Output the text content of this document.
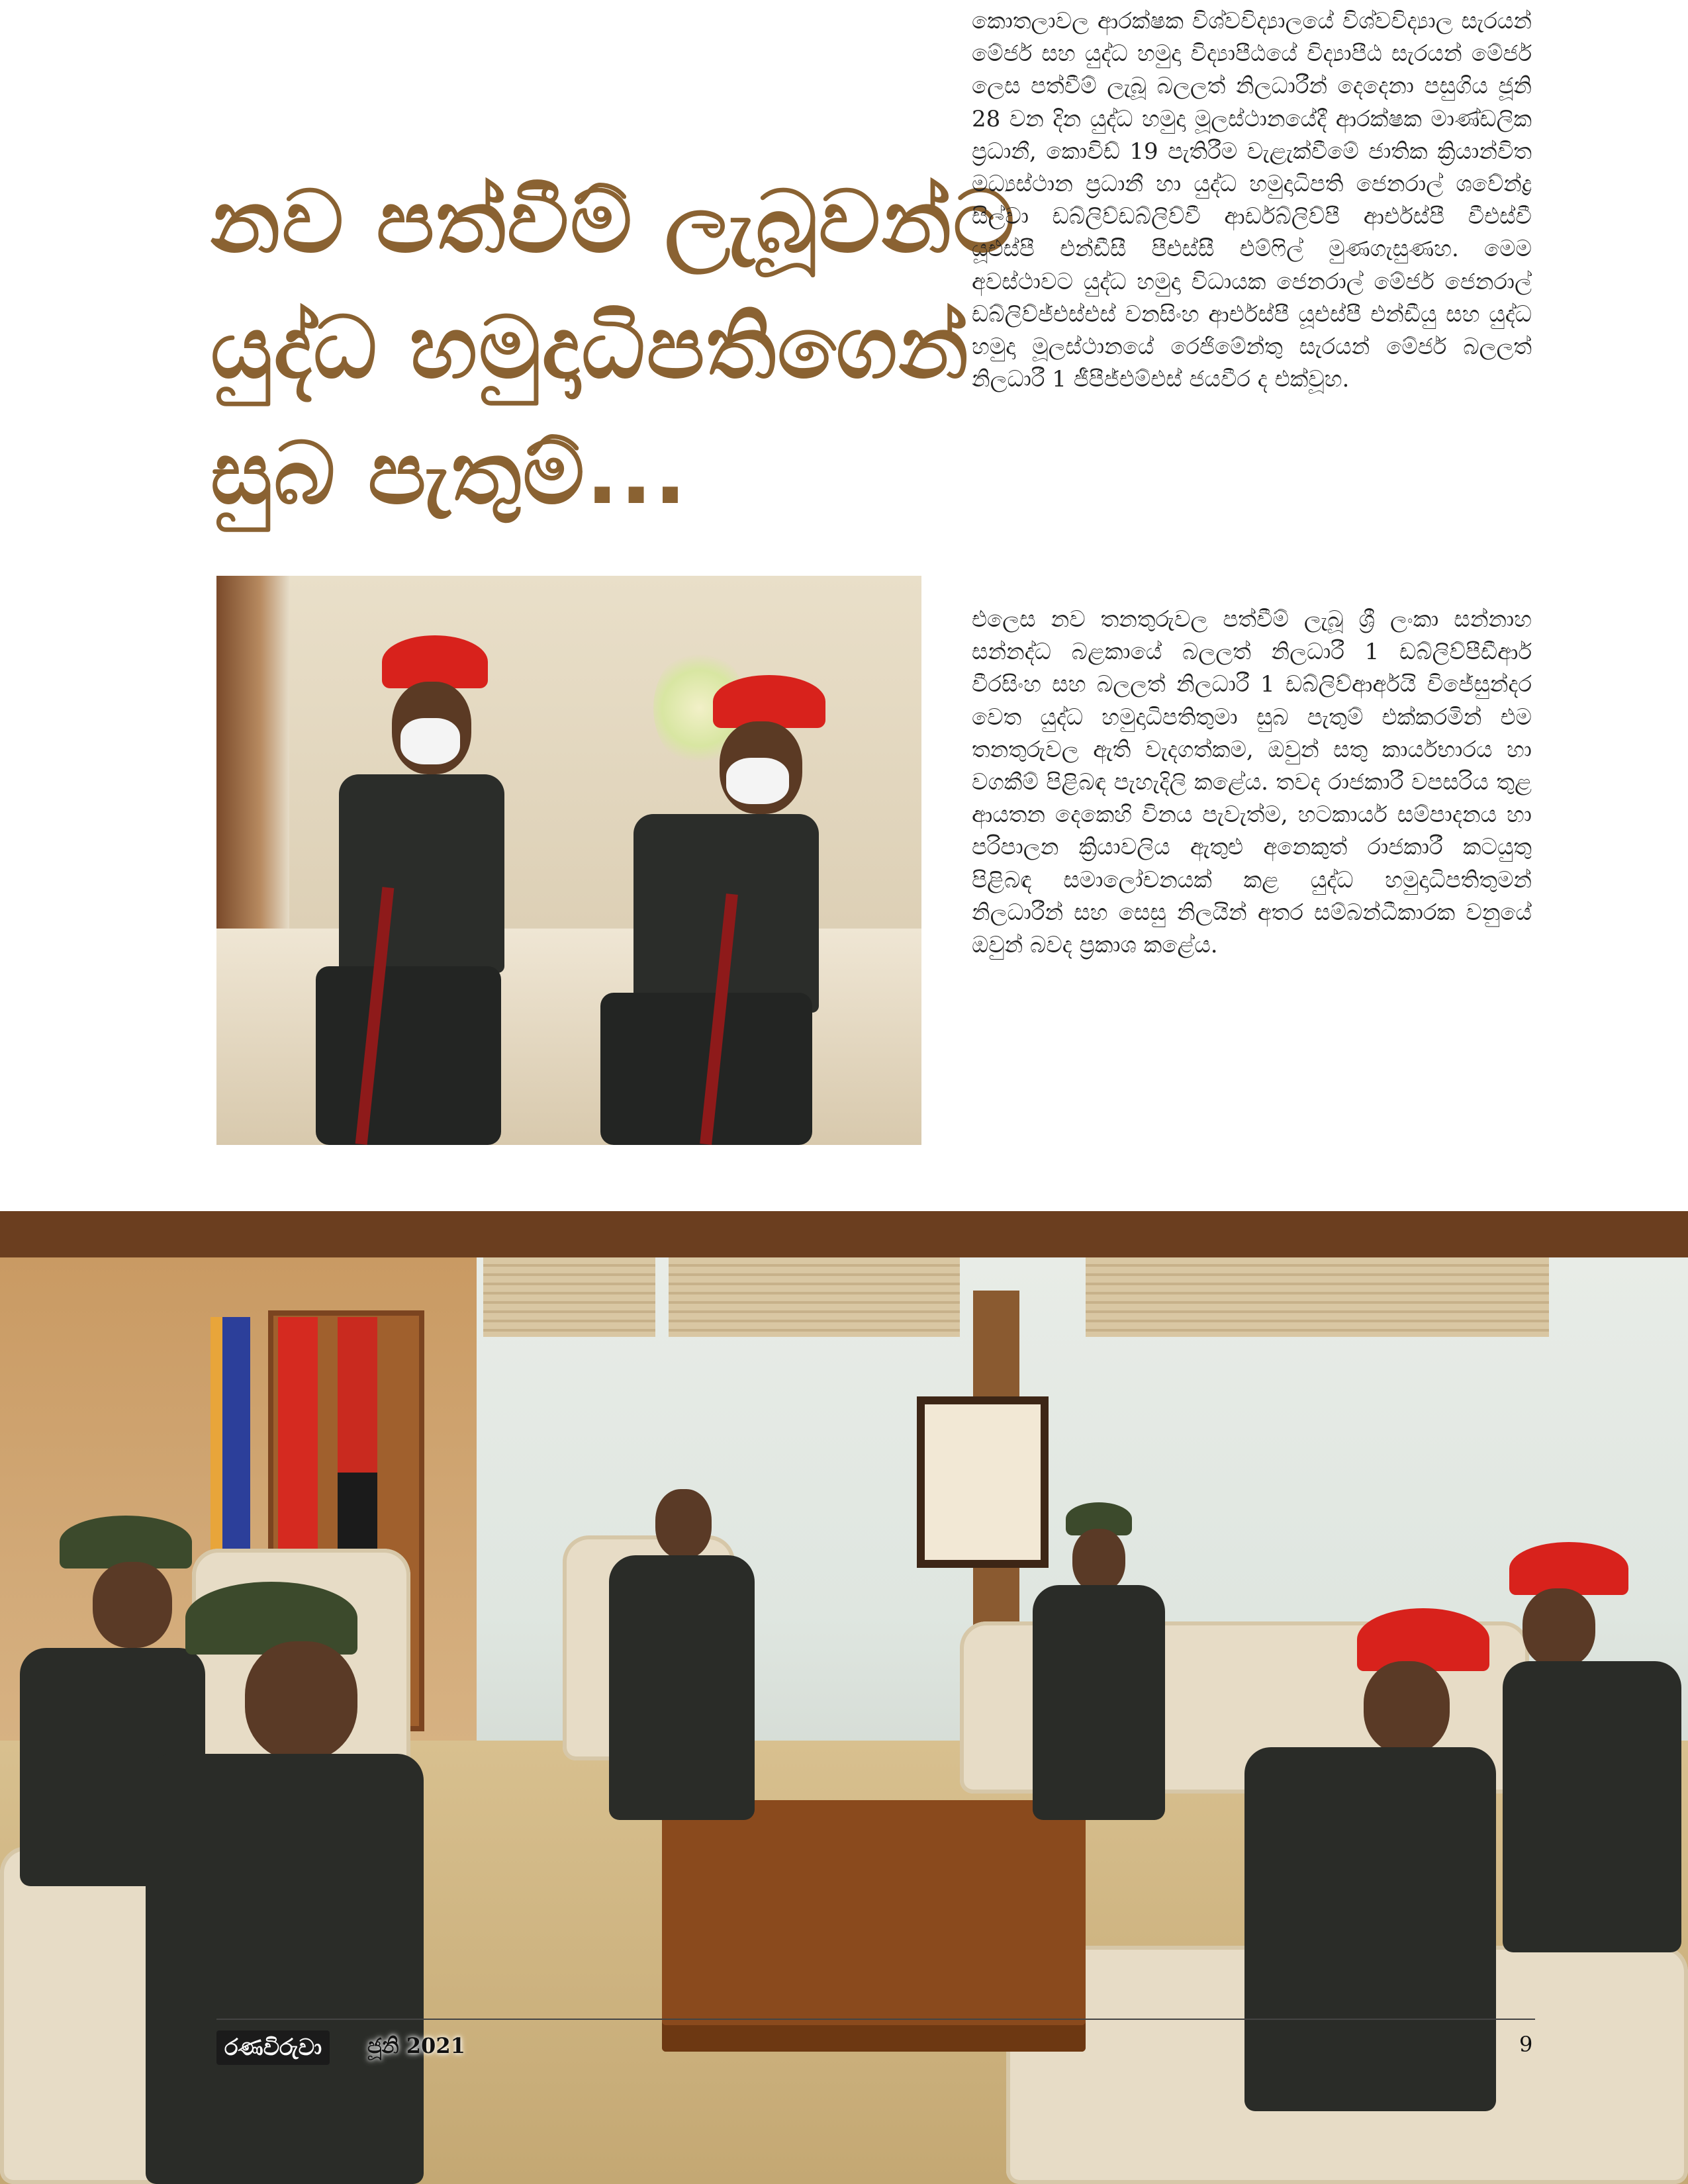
නව පත්වීම් ලැබූවන්ට
යුද්ධ හමුදාධිපතිගෙන්
සුබ පැතුම්...

කොතලාවල ආරක්ෂක විශ්වවිද්‍යාලයේ විශ්වවිද්‍යාල සැරයන් මේජර් සහ යුද්ධ හමුදා විද්‍යාපීඨයේ විද්‍යාපීඨ සැරයන් මේජර් ලෙස පත්වීම් ලැබූ බලලත් නිලධාරීන් දෙදෙනා පසුගිය ජූනි 28 වන දින යුද්ධ හමුදා මූලස්ථානයේදී ආරක්ෂක මාණ්ඩලික ප්‍රධානී, කොවිඩ් 19 පැතිරීම වැළැක්වීමේ ජාතික ක්‍රියාන්විත මධ්‍යස්ථාන ප්‍රධානී හා යුද්ධ හමුදාධිපති ජෙනරාල් ශවේන්ද්‍ර සිල්වා ඩබ්ලිව්ඩබ්ලිව්වී ආර්ඩබ්ලිව්පී ආර්එස්පී වීඑස්වී යූඑස්පී එන්ඩීසී පීඑස්සී එම්ෆිල් මුණගැසුණහ. මෙම අවස්ථාවට යුද්ධ හමුදා විධායක ජෙනරාල් මේජර් ජෙනරාල් ඩබ්ලිව්ජ්එස්එස් වනසිංහ ආර්එස්පී යූඑස්පී එන්ඩීයු සහ යුද්ධ හමුදා මූලස්ථානයේ රෙජිමේන්තු සැරයන් මේජර් බලලත් නිලධාරී 1 ජීපීජ්එම්එස් ජයවීර ද එක්වූහ.

එලෙස නව තනතුරුවල පත්වීම් ලැබූ ශ්‍රී ලංකා සන්නාහ සන්නද්ධ බළකායේ බලලත් නිලධාරී 1 ඩබ්ලිව්පීඩීආර් වීරසිංහ සහ බලලත් නිලධාරී 1 ඩබ්ලිව්ආර්අයි විජේසුන්දර වෙත යුද්ධ හමුදාධිපතිතුමා සුබ පැතුම් එක්කරමින් එම තනතුරුවල ඇති වැදගත්කම, ඔවුන් සතු කාර්යභාරය හා වගකීම් පිළිබඳ පැහැදිලි කළේය. තවද රාජකාරී වපසරිය තුළ ආයතන දෙකෙහි විනය පැවැත්ම, හටකාර්ය සම්පාදනය හා පරිපාලන ක්‍රියාවලිය ඇතුළු අනෙකුත් රාජකාරී කටයුතු පිළිබඳ සමාලෝචනයක් කළ යුද්ධ හමුදාධිපතිතුමන් නිලධාරීන් සහ සෙසු නිලයින් අතර සම්බන්ධීකාරක වනුයේ ඔවුන් බවද ප්‍රකාශ කළේය.

රණවිරුවා	ජූනි 2021	9
